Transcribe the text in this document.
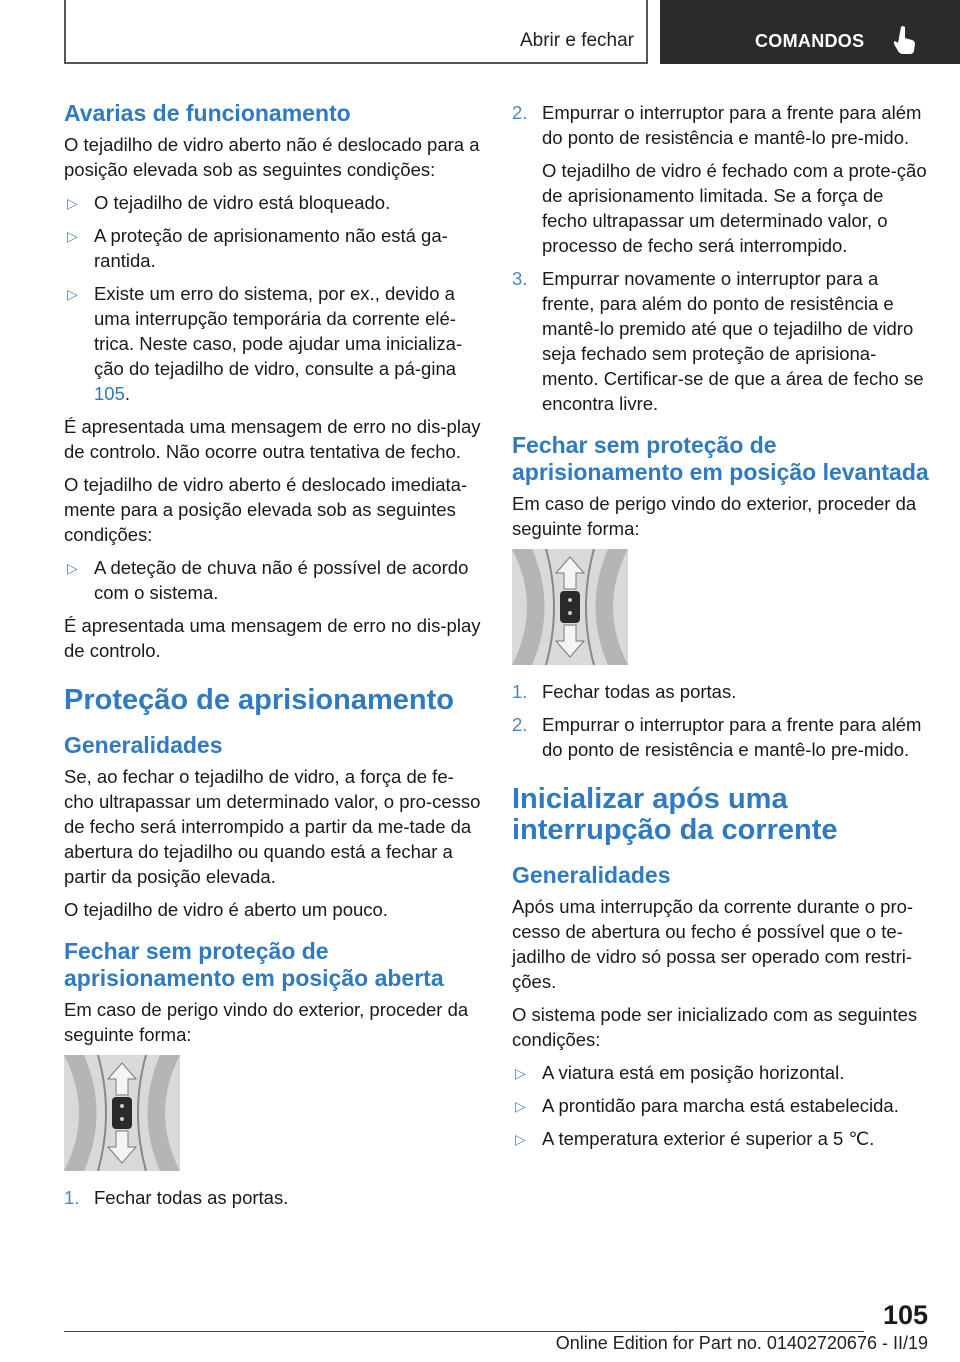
Abrir e fechar	COMANDOS
Avarias de funcionamento

O tejadilho de vidro aberto não é deslocado para a posição elevada sob as seguintes condições:

▷ O tejadilho de vidro está bloqueado.
▷ A proteção de aprisionamento não está ga-rantida.
▷ Existe um erro do sistema, por ex., devido a uma interrupção temporária da corrente elé-trica. Neste caso, pode ajudar uma inicializa-ção do tejadilho de vidro, consulte a pá-gina 105.

É apresentada uma mensagem de erro no dis-play de controlo. Não ocorre outra tentativa de fecho.

O tejadilho de vidro aberto é deslocado imediata-mente para a posição elevada sob as seguintes condições:

▷ A deteção de chuva não é possível de acordo com o sistema.

É apresentada uma mensagem de erro no dis-play de controlo.

Proteção de aprisionamento
Generalidades

Se, ao fechar o tejadilho de vidro, a força de fe-cho ultrapassar um determinado valor, o pro-cesso de fecho será interrompido a partir da me-tade da abertura do tejadilho ou quando está a fechar a partir da posição elevada.

O tejadilho de vidro é aberto um pouco.

Fechar sem proteção de aprisionamento em posição aberta

Em caso de perigo vindo do exterior, proceder da seguinte forma:

1. Fechar todas as portas.
2. Empurrar o interruptor para a frente para além do ponto de resistência e mantê-lo pre-mido.

O tejadilho de vidro é fechado com a prote-ção de aprisionamento limitada. Se a força de fecho ultrapassar um determinado valor, o processo de fecho será interrompido.

3. Empurrar novamente o interruptor para a frente, para além do ponto de resistência e mantê-lo premido até que o tejadilho de vidro seja fechado sem proteção de aprisiona-mento. Certificar-se de que a área de fecho se encontra livre.
Fechar sem proteção de aprisionamento em posição levantada

Em caso de perigo vindo do exterior, proceder da seguinte forma:

1. Fechar todas as portas.
2. Empurrar o interruptor para a frente para além do ponto de resistência e mantê-lo pre-mido.
Inicializar após uma interrupção da corrente
Generalidades

Após uma interrupção da corrente durante o pro-cesso de abertura ou fecho é possível que o te-jadilho de vidro só possa ser operado com restri-ções.

O sistema pode ser inicializado com as seguintes condições:

▷ A viatura está em posição horizontal.
▷ A prontidão para marcha está estabelecida.
▷ A temperatura exterior é superior a 5 ℃.
105
Online Edition for Part no. 01402720676 - II/19
